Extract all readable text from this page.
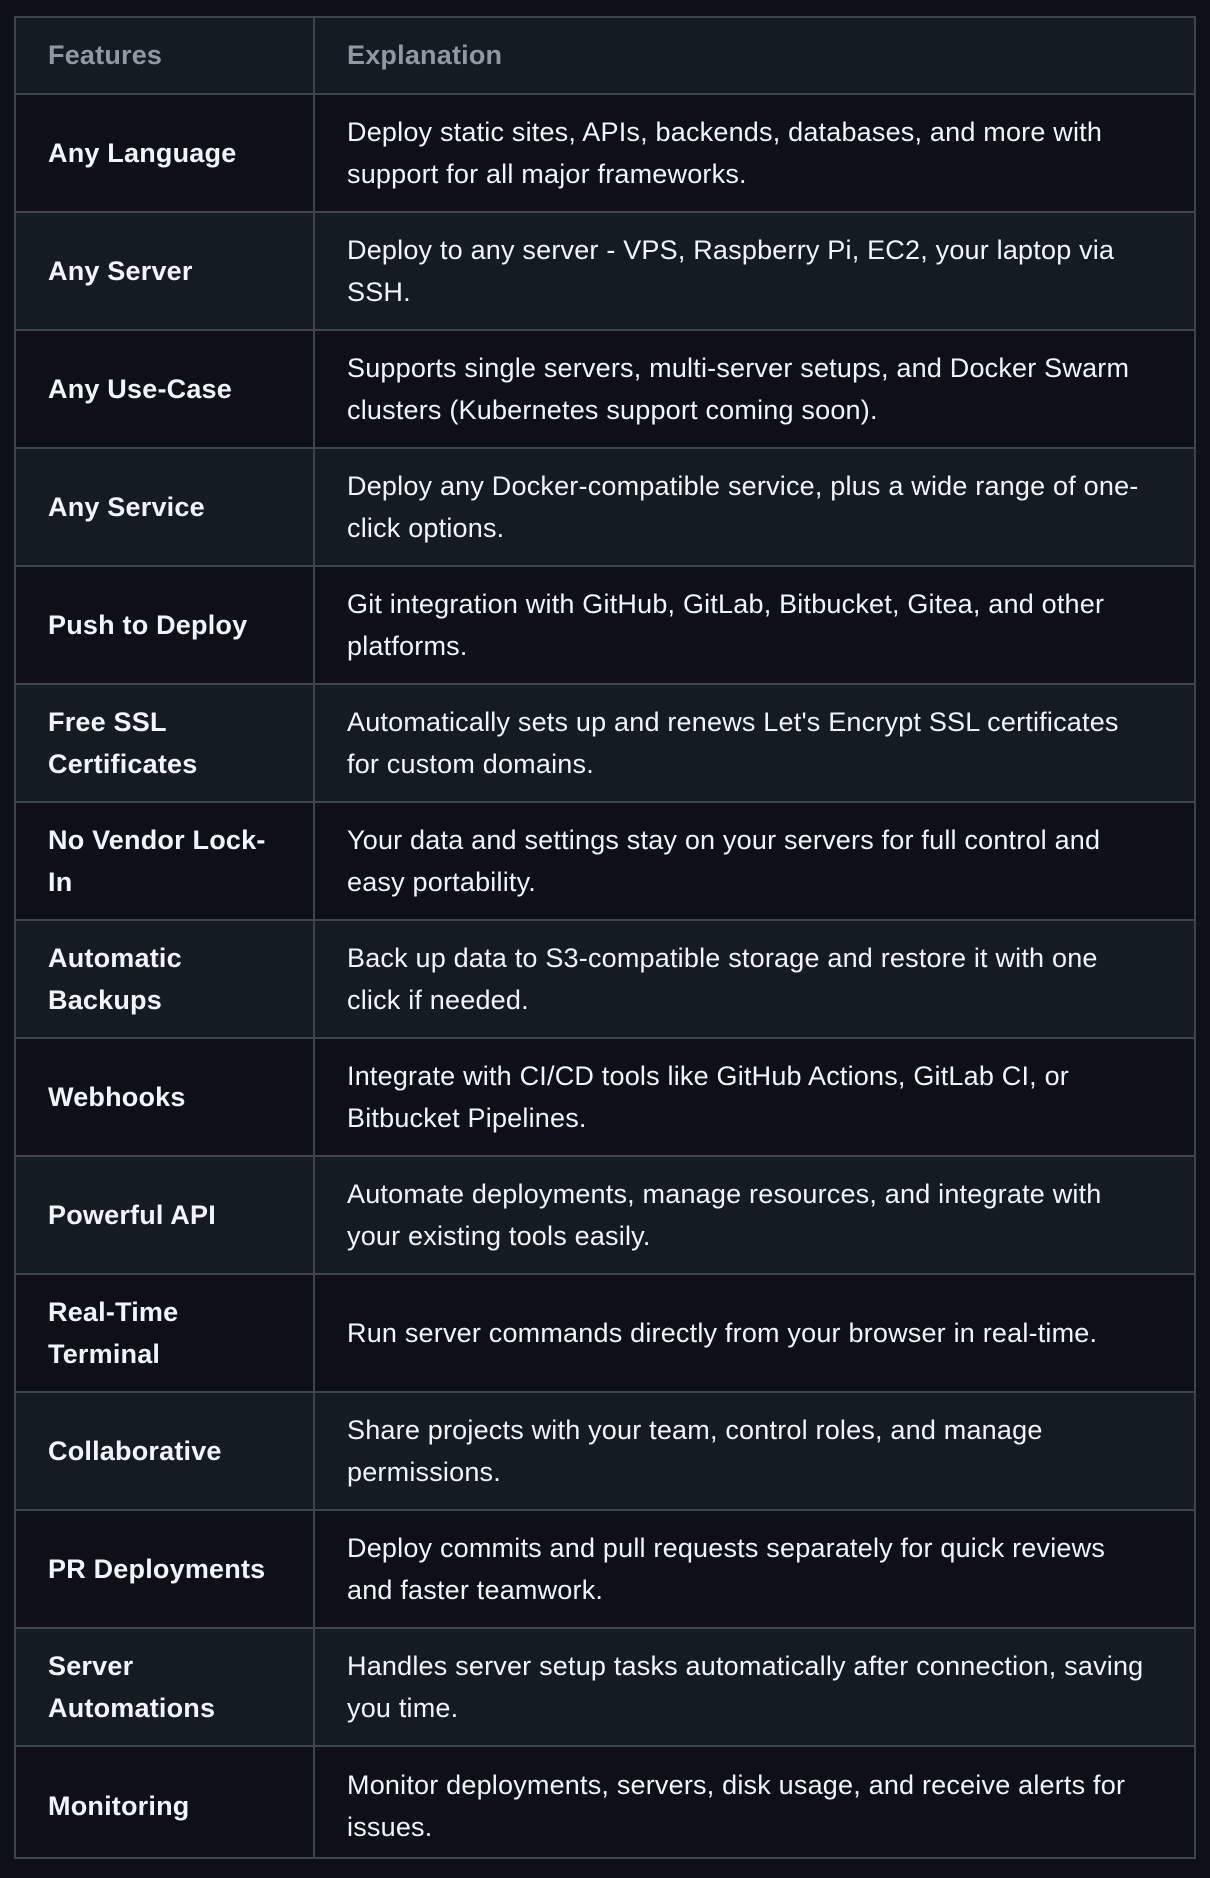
Features	Explanation
Any Language	Deploy static sites, APIs, backends, databases, and more with support for all major frameworks.
Any Server	Deploy to any server - VPS, Raspberry Pi, EC2, your laptop via SSH.
Any Use-Case	Supports single servers, multi-server setups, and Docker Swarm clusters (Kubernetes support coming soon).
Any Service	Deploy any Docker-compatible service, plus a wide range of one-click options.
Push to Deploy	Git integration with GitHub, GitLab, Bitbucket, Gitea, and other platforms.
Free SSL Certificates	Automatically sets up and renews Let's Encrypt SSL certificates for custom domains.
No Vendor Lock-In	Your data and settings stay on your servers for full control and easy portability.
Automatic Backups	Back up data to S3-compatible storage and restore it with one click if needed.
Webhooks	Integrate with CI/CD tools like GitHub Actions, GitLab CI, or Bitbucket Pipelines.
Powerful API	Automate deployments, manage resources, and integrate with your existing tools easily.
Real-Time Terminal	Run server commands directly from your browser in real-time.
Collaborative	Share projects with your team, control roles, and manage permissions.
PR Deployments	Deploy commits and pull requests separately for quick reviews and faster teamwork.
Server Automations	Handles server setup tasks automatically after connection, saving you time.
Monitoring	Monitor deployments, servers, disk usage, and receive alerts for issues.
